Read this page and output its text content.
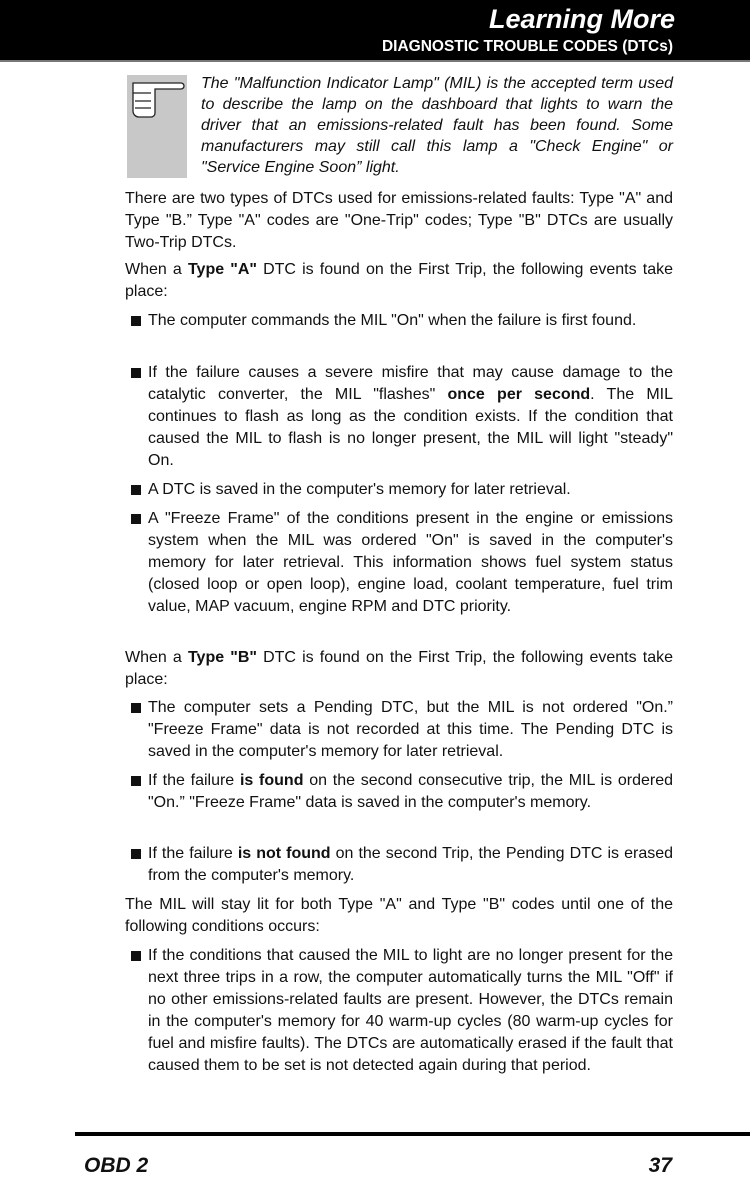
Learning More
DIAGNOSTIC TROUBLE CODES (DTCs)
The "Malfunction Indicator Lamp" (MIL) is the accepted term used to describe the lamp on the dashboard that lights to warn the driver that an emissions-related fault has been found. Some manufacturers may still call this lamp a "Check Engine" or "Service Engine Soon” light.
There are two types of DTCs used for emissions-related faults: Type "A" and Type "B.” Type "A" codes are "One-Trip" codes; Type "B" DTCs are usually Two-Trip DTCs.
When a Type "A" DTC is found on the First Trip, the following events take place:
The computer commands the MIL "On" when the failure is first found.
If the failure causes a severe misfire that may cause damage to the catalytic converter, the MIL "flashes" once per second. The MIL continues to flash as long as the condition exists. If the condition that caused the MIL to flash is no longer present, the MIL will light "steady" On.
A DTC is saved in the computer's memory for later retrieval.
A "Freeze Frame" of the conditions present in the engine or emissions system when the MIL was ordered "On" is saved in the computer's memory for later retrieval. This information shows fuel system status (closed loop or open loop), engine load, coolant temperature, fuel trim value, MAP vacuum, engine RPM and DTC priority.
When a Type "B" DTC is found on the First Trip, the following events take place:
The computer sets a Pending DTC, but the MIL is not ordered "On.” "Freeze Frame" data is not recorded at this time. The Pending DTC is saved in the computer's memory for later retrieval.
If the failure is found on the second consecutive trip, the MIL is ordered "On.” "Freeze Frame" data is saved in the computer's memory.
If the failure is not found on the second Trip, the Pending DTC is erased from the computer's memory.
The MIL will stay lit for both Type "A" and Type "B" codes until one of the following conditions occurs:
If the conditions that caused the MIL to light are no longer present for the next three trips in a row, the computer automatically turns the MIL "Off" if no other emissions-related faults are present. However, the DTCs remain in the computer's memory for 40 warm-up cycles (80 warm-up cycles for fuel and misfire faults). The DTCs are automatically erased if the fault that caused them to be set is not detected again during that period.
OBD 2	37
